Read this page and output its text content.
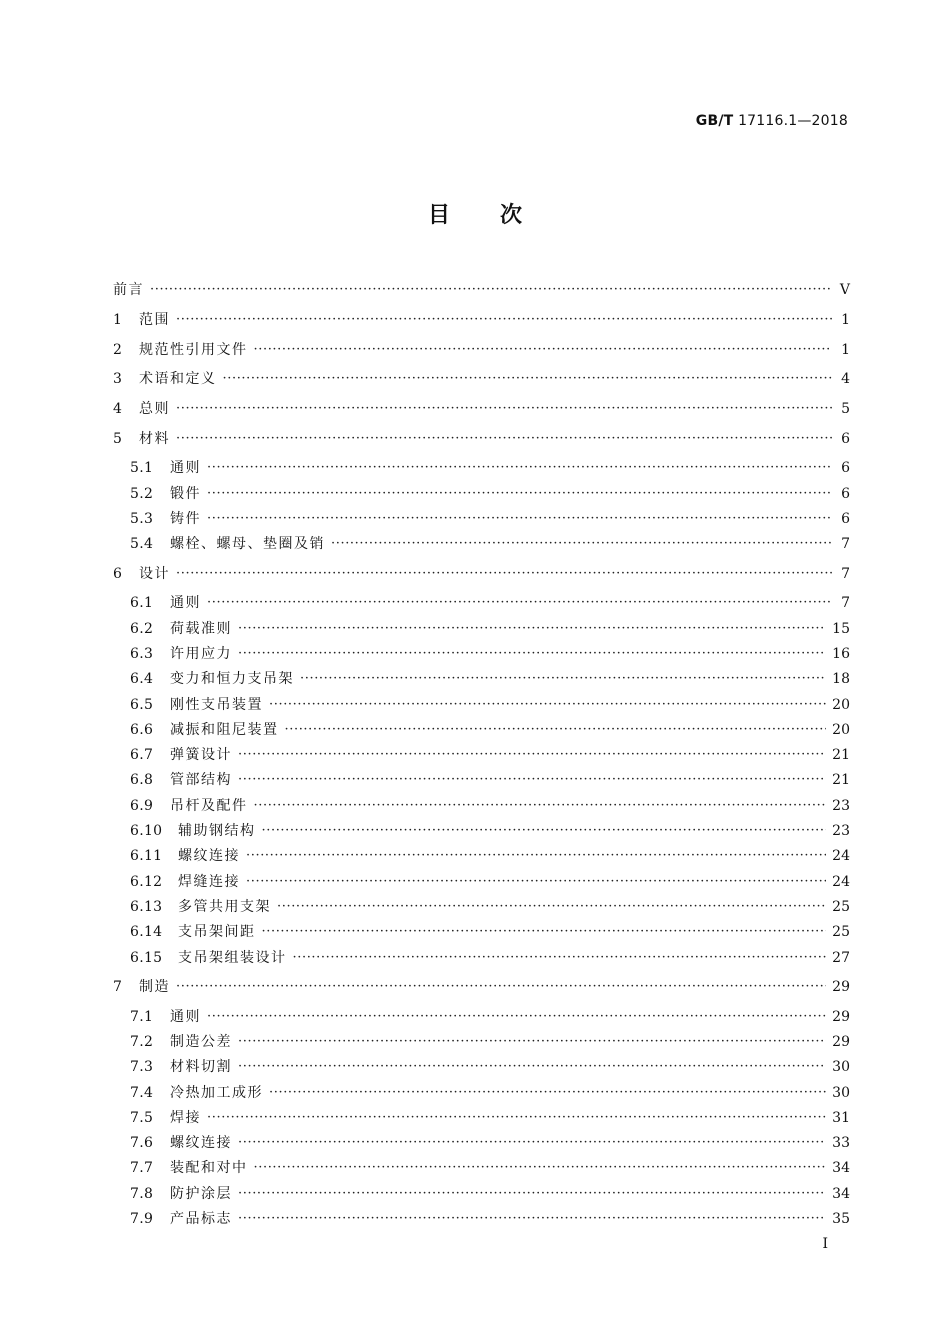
GB/T 17116.1—2018
目次
前言 ·····	Ⅴ
1	范围 ·····	1
2	规范性引用文件 ·····	1
3	术语和定义 ·····	4
4	总则 ·····	5
5	材料 ·····	6
5.1	通则 ·····	6
5.2	锻件 ·····	6
5.3	铸件 ·····	6
5.4	螺栓、螺母、垫圈及销 ·····	7
6	设计 ·····	7
6.1	通则 ·····	7
6.2	荷载准则 ·····	15
6.3	许用应力 ·····	16
6.4	变力和恒力支吊架 ·····	18
6.5	刚性支吊装置 ·····	20
6.6	减振和阻尼装置 ·····	20
6.7	弹簧设计 ·····	21
6.8	管部结构 ·····	21
6.9	吊杆及配件 ·····	23
6.10	辅助钢结构 ·····	23
6.11	螺纹连接 ·····	24
6.12	焊缝连接 ·····	24
6.13	多管共用支架 ·····	25
6.14	支吊架间距 ·····	25
6.15	支吊架组装设计 ·····	27
7	制造 ·····	29
7.1	通则 ·····	29
7.2	制造公差 ·····	29
7.3	材料切割 ·····	30
7.4	冷热加工成形 ·····	30
7.5	焊接 ·····	31
7.6	螺纹连接 ·····	33
7.7	装配和对中 ·····	34
7.8	防护涂层 ·····	34
7.9	产品标志 ·····	35
I
